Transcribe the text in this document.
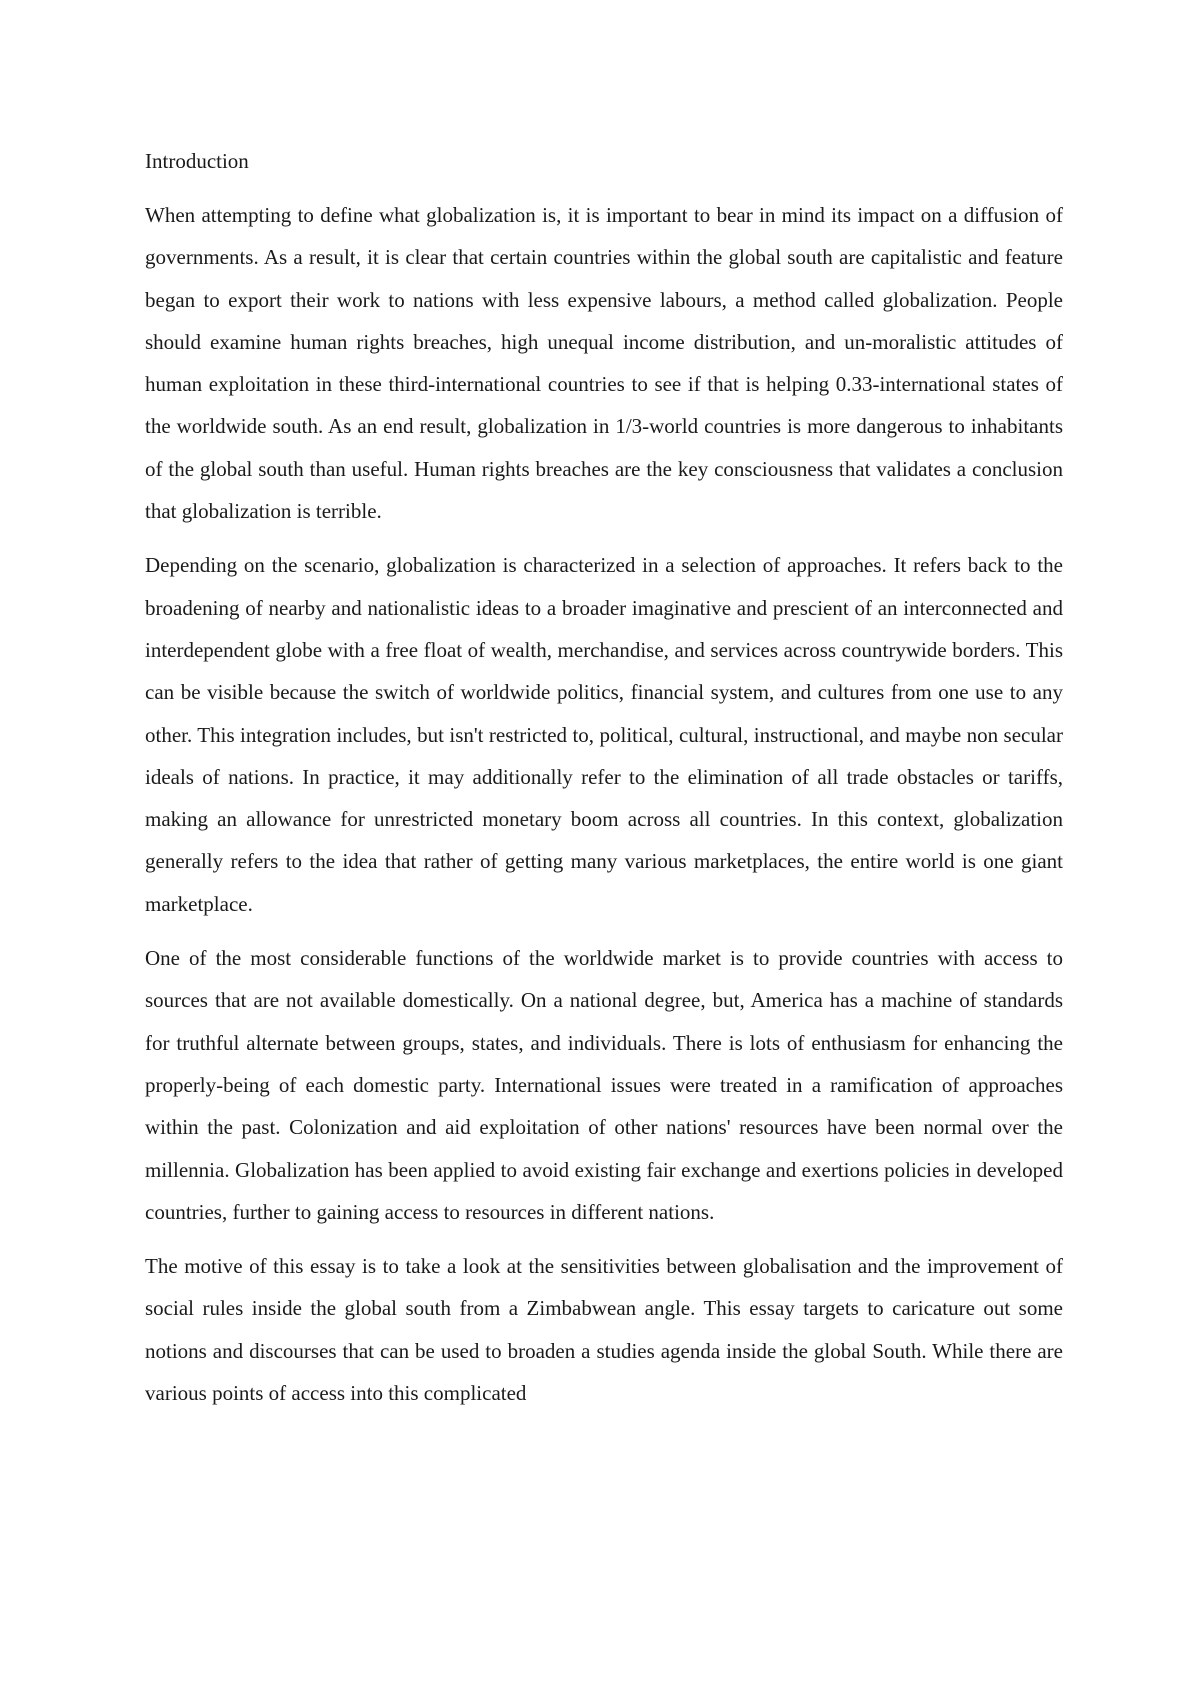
Introduction

When attempting to define what globalization is, it is important to bear in mind its impact on a diffusion of governments. As a result, it is clear that certain countries within the global south are capitalistic and feature began to export their work to nations with less expensive labours, a method called globalization. People should examine human rights breaches, high unequal income distribution, and un-moralistic attitudes of human exploitation in these third-international countries to see if that is helping 0.33-international states of the worldwide south. As an end result, globalization in 1/3-world countries is more dangerous to inhabitants of the global south than useful. Human rights breaches are the key consciousness that validates a conclusion that globalization is terrible.

Depending on the scenario, globalization is characterized in a selection of approaches. It refers back to the broadening of nearby and nationalistic ideas to a broader imaginative and prescient of an interconnected and interdependent globe with a free float of wealth, merchandise, and services across countrywide borders. This can be visible because the switch of worldwide politics, financial system, and cultures from one use to any other. This integration includes, but isn't restricted to, political, cultural, instructional, and maybe non secular ideals of nations. In practice, it may additionally refer to the elimination of all trade obstacles or tariffs, making an allowance for unrestricted monetary boom across all countries. In this context, globalization generally refers to the idea that rather of getting many various marketplaces, the entire world is one giant marketplace.

One of the most considerable functions of the worldwide market is to provide countries with access to sources that are not available domestically. On a national degree, but, America has a machine of standards for truthful alternate between groups, states, and individuals. There is lots of enthusiasm for enhancing the properly-being of each domestic party. International issues were treated in a ramification of approaches within the past. Colonization and aid exploitation of other nations' resources have been normal over the millennia. Globalization has been applied to avoid existing fair exchange and exertions policies in developed countries, further to gaining access to resources in different nations.

The motive of this essay is to take a look at the sensitivities between globalisation and the improvement of social rules inside the global south from a Zimbabwean angle. This essay targets to caricature out some notions and discourses that can be used to broaden a studies agenda inside the global South. While there are various points of access into this complicated
